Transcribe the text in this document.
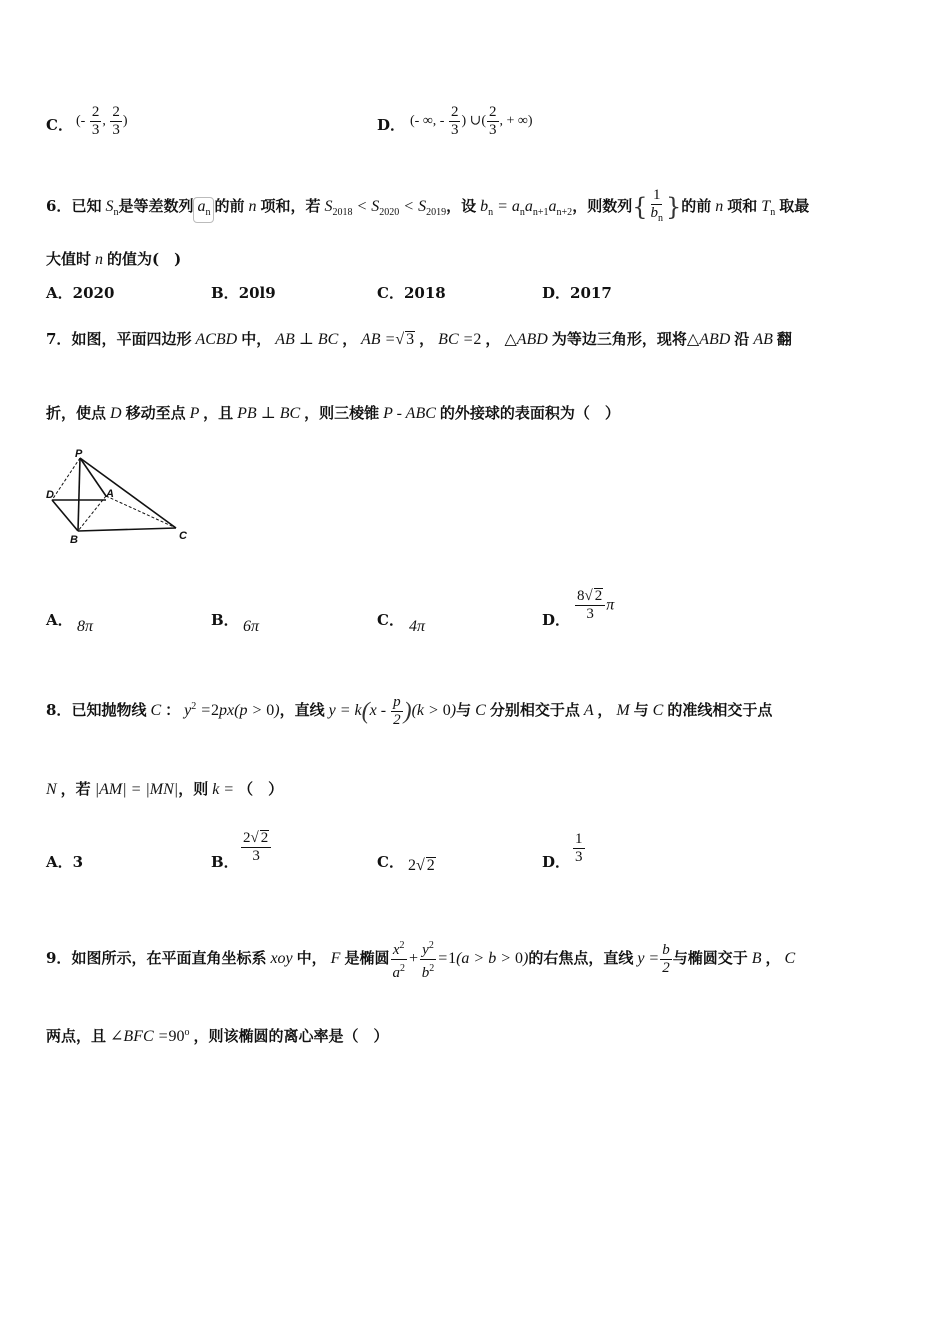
C． (- $\frac{2}{3}$ , $\frac{2}{3}$ )	D． (- ∞, - $\frac{2}{3}$ ) ∪( $\frac{2}{3}$ , + ∞)
6．已知 $S_n$是等差数列 $a_n$ 的前 n 项和，若 $S_{2018} < S_{2020} < S_{2019}$，设 $b_n = a_na_{n+1}a_{n+2}$，则数列{ $\frac{1}{b_n}$ }的前 n 项和 $T_n$ 取最
大值时 n 的值为(　)
A．2020	B．20l9	C．2018	D．2017
7．如图，平面四边形 ACBD 中， AB ⊥ BC ， AB =√ 3 ， BC =2 ， △ABD 为等边三角形，现将△ABD 沿 AB 翻
折，使点 D 移动至点 P ，且 PB ⊥ BC ，则三棱锥 P - ABC 的外接球的表面积为（　）
P
D	A
B	C
A． 8π	B． 6π	C． 4π	D． $\frac{8√ 2}{3}$ π
8．已知抛物线 C ： $y^2 =2px(p > 0)$，直线 $y = k(x - \frac{p}{2} )(k > 0)$与 C 分别相交于点 A ， M 与 C 的准线相交于点
N ，若 |AM| = |MN|，则 k = （　）
A．3	B． $\frac{2√ 2}{3}$	C． 2√ 2	D． $\frac{1}{3}$
9．如图所示，在平面直角坐标系 xoy 中， F 是椭圆 $\frac{x^2}{a^2} + \frac{y^2}{b^2} =1(a > b > 0)$的右焦点，直线 $y = \frac{b}{2}$ 与椭圆交于 B ， C
两点，且 ∠BFC $=90^o$ ，则该椭圆的离心率是（　）
